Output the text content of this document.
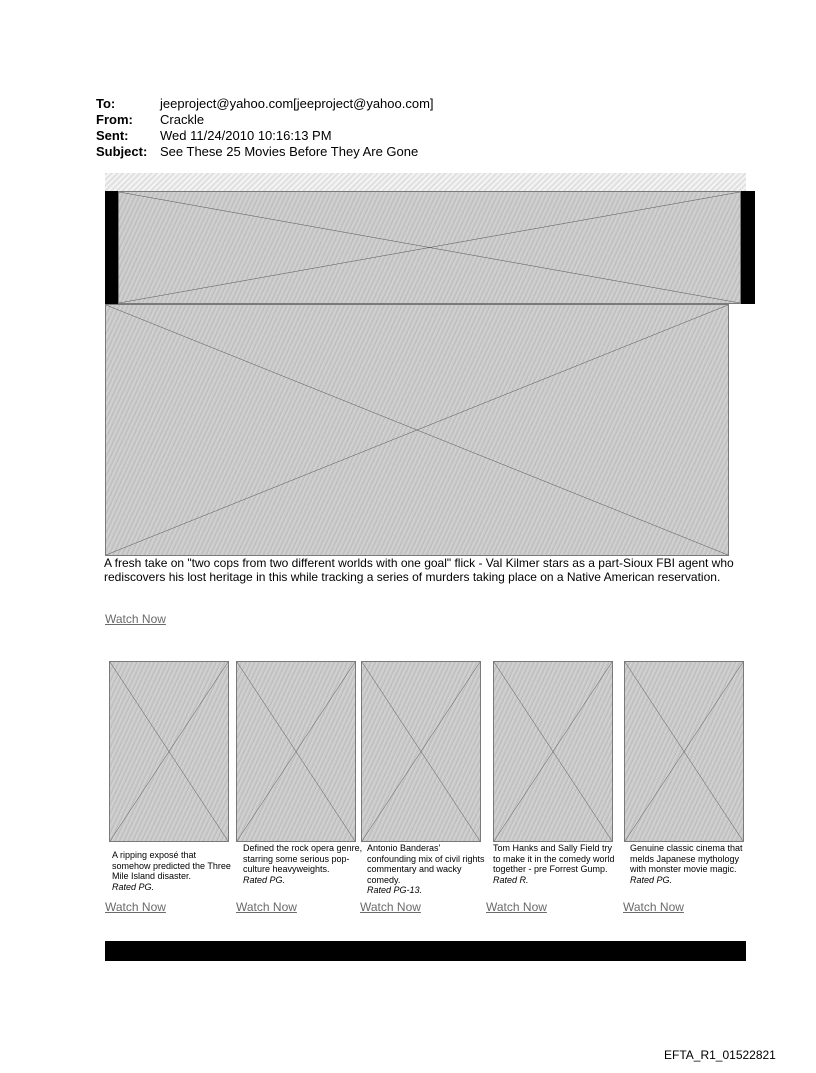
To:	jeeproject@yahoo.com[jeeproject@yahoo.com]
From:	Crackle
Sent:	Wed 11/24/2010 10:16:13 PM
Subject: See These 25 Movies Before They Are Gone
A fresh take on "two cops from two different worlds with one goal" flick - Val Kilmer stars as a part-Sioux FBI agent who rediscovers his lost heritage in this while tracking a series of murders taking place on a Native American reservation.
Watch Now
A ripping exposé that somehow predicted the Three Mile Island disaster.
Rated PG.
Defined the rock opera genre, starring some serious pop-culture heavyweights.
Rated PG.
Antonio Banderas' confounding mix of civil rights commentary and wacky comedy.
Rated PG-13.
Tom Hanks and Sally Field try to make it in the comedy world together - pre Forrest Gump.
Rated R.
Genuine classic cinema that melds Japanese mythology with monster movie magic.
Rated PG.
Watch Now	Watch Now	Watch Now	Watch Now	Watch Now
EFTA_R1_01522821
